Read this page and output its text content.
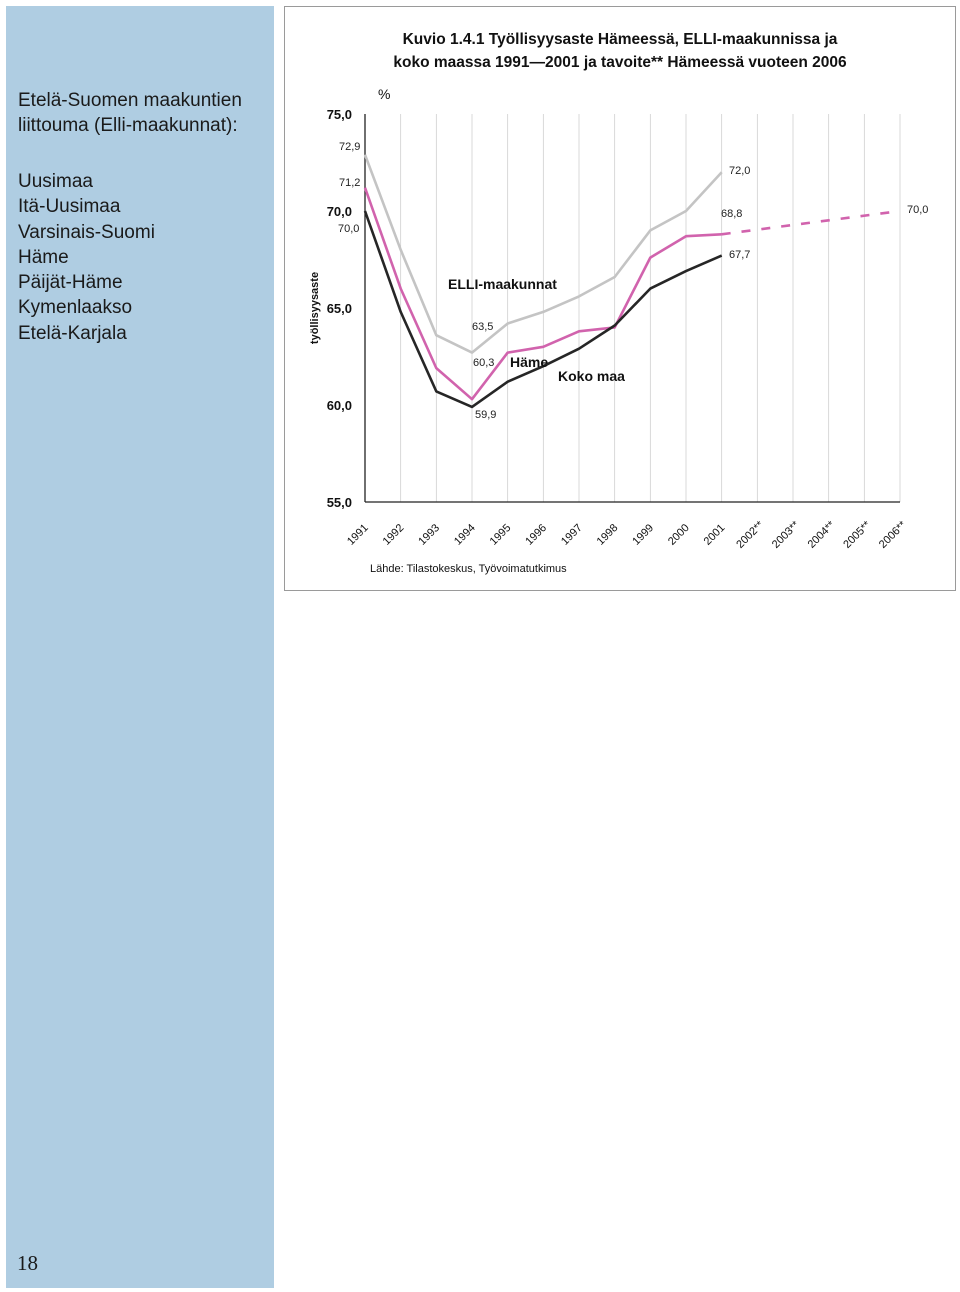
Etelä-Suomen maakuntien liittouma (Elli-maakunnat):
Uusimaa
Itä-Uusimaa
Varsinais-Suomi
Häme
Päijät-Häme
Kymenlaakso
Etelä-Karjala
18
Kuvio 1.4.1 Työllisyysaste Hämeessä, ELLI-maakunnissa ja
koko maassa 1991—2001 ja tavoite** Hämeessä vuoteen 2006
%
työllisyysaste
Lähde: Tilastokeskus, Työvoimatutkimus
75,0
70,0
65,0
60,0
55,0
1991 1992 1993 1994 1995 1996 1997 1998 1999 2000 2001 2002** 2003** 2004** 2005** 2006**
ELLI-maakunnat
Häme
Koko maa
72,9
71,2
70,0
63,5
60,3
59,9
72,0
68,8
67,7
70,0
